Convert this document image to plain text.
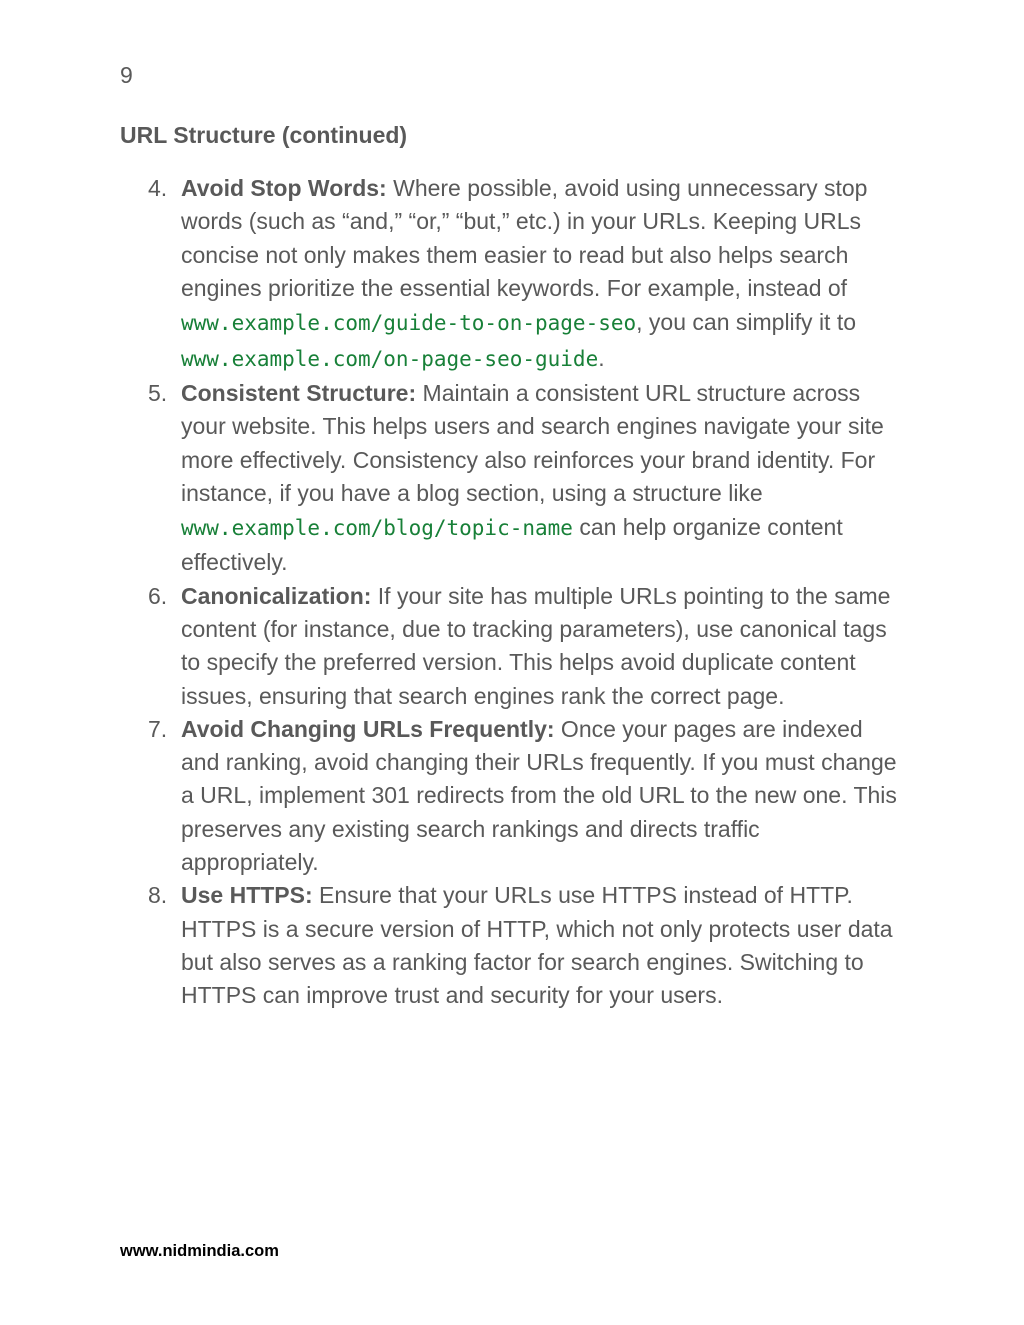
9
URL Structure (continued)
4. Avoid Stop Words: Where possible, avoid using unnecessary stop words (such as “and,” “or,” “but,” etc.) in your URLs. Keeping URLs concise not only makes them easier to read but also helps search engines prioritize the essential keywords. For example, instead of
www.example.com/guide-to-on-page-seo, you can simplify it to www.example.com/on-page-seo-guide.
5. Consistent Structure: Maintain a consistent URL structure across your website. This helps users and search engines navigate your site more effectively. Consistency also reinforces your brand identity. For instance, if you have a blog section, using a structure like www.example.com/blog/topic-name can help organize content effectively.
6. Canonicalization: If your site has multiple URLs pointing to the same content (for instance, due to tracking parameters), use canonical tags to specify the preferred version. This helps avoid duplicate content issues, ensuring that search engines rank the correct page.
7. Avoid Changing URLs Frequently: Once your pages are indexed and ranking, avoid changing their URLs frequently. If you must change a URL, implement 301 redirects from the old URL to the new one. This preserves any existing search rankings and directs traffic appropriately.
8. Use HTTPS: Ensure that your URLs use HTTPS instead of HTTP. HTTPS is a secure version of HTTP, which not only protects user data but also serves as a ranking factor for search engines. Switching to HTTPS can improve trust and security for your users.
www.nidmindia.com
